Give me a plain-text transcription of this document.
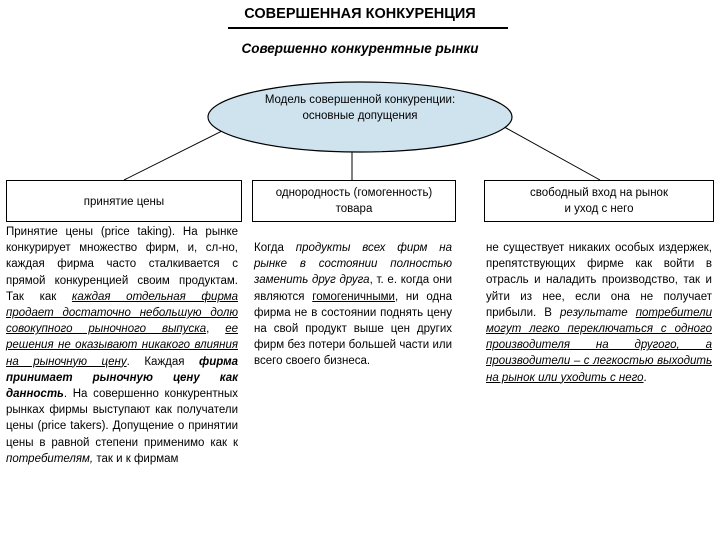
СОВЕРШЕННАЯ КОНКУРЕНЦИЯ
Совершенно конкурентные рынки
Модель совершенной конкуренции:
основные допущения
принятие цены
однородность (гомогенность)
товара
свободный вход на рынок
и уход с него
Принятие цены (price taking). На рынке конкурирует множество фирм, и, сл-но, каждая фирма часто сталкивается с прямой конкуренцией своим продуктам. Так как каждая отдельная фирма продает достаточно небольшую долю совокупного рыночного выпуска, ее решения не оказывают никакого влияния на рыночную цену. Каждая фирма принимает рыночную цену как данность. На совершенно конкурентных рынках фирмы выступают как получатели цены (price takers). Допущение о принятии цены в равной степени применимо как к потребителям, так и к фирмам
Когда продукты всех фирм на рынке в состоянии полностью заменить друг друга, т. е. когда они являются гомогеничными, ни одна фирма не в состоянии поднять цену на свой продукт выше цен других фирм без потери большей части или всего своего бизнеса.
не существует никаких особых издержек, препятствующих фирме как войти в отрасль и наладить производство, так и уйти из нее, если она не получает прибыли. В результате потребители могут легко переключаться с одного производителя на другого, а производители – с легкостью выходить на рынок или уходить с него.
